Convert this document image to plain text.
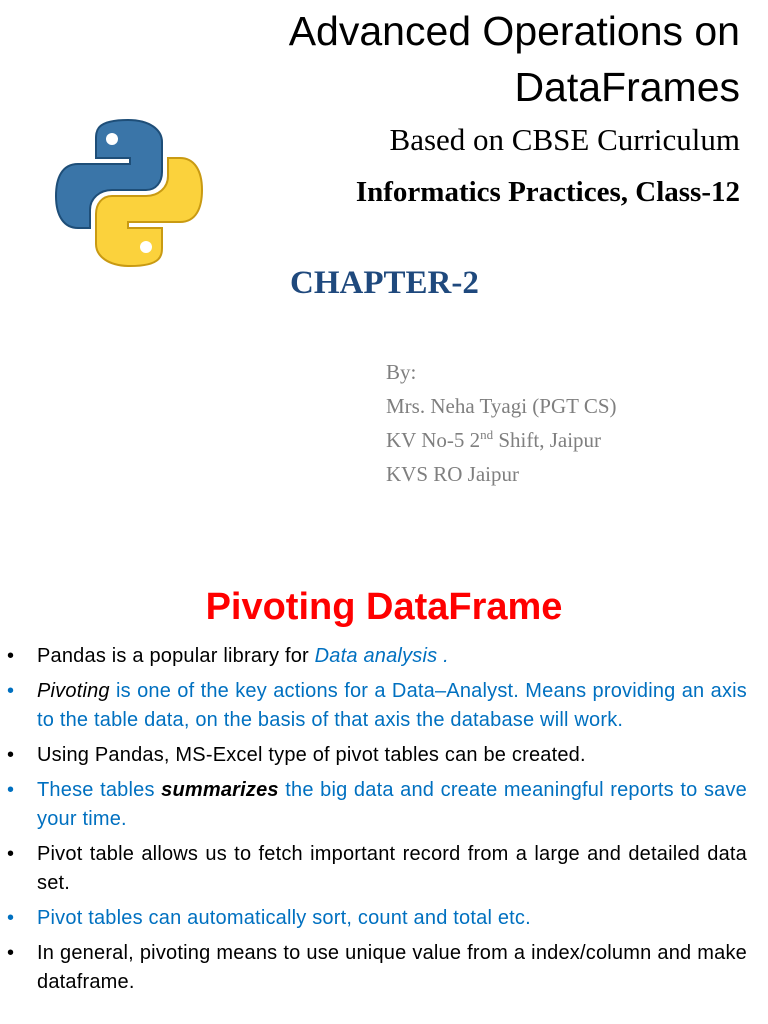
Advanced Operations on
DataFrames
Based on CBSE Curriculum
Informatics Practices, Class-12
CHAPTER-2
By:
Mrs. Neha Tyagi (PGT CS)
KV No-5 2nd Shift, Jaipur
KVS RO Jaipur
Pivoting DataFrame
• Pandas is a popular library for Data analysis .
• Pivoting is one of the key actions for a Data–Analyst. Means providing an axis to the table data, on the basis of that axis the database will work.
• Using Pandas, MS-Excel type of pivot tables can be created.
• These tables summarizes the big data and create meaningful reports to save your time.
• Pivot table allows us to fetch important record from a large and detailed data set.
• Pivot tables can automatically sort, count and total etc.
• In general, pivoting means to use unique value from a index/column and make dataframe.
